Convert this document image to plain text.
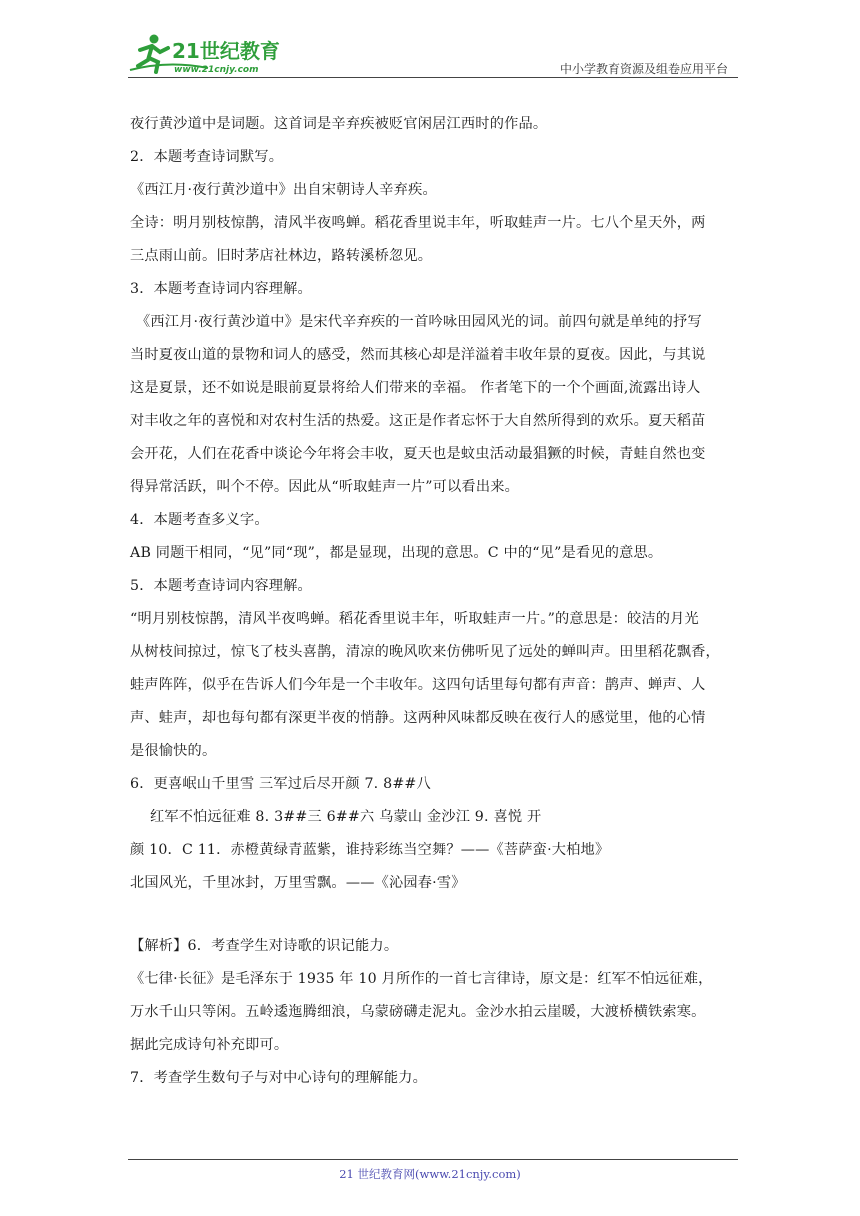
21世纪教育
www.21cnjy.com	中小学教育资源及组卷应用平台
夜行黄沙道中是词题。这首词是辛弃疾被贬官闲居江西时的作品。
2．本题考查诗词默写。
《西江月·夜行黄沙道中》出自宋朝诗人辛弃疾。
全诗：明月别枝惊鹊，清风半夜鸣蝉。稻花香里说丰年，听取蛙声一片。七八个星天外，两
三点雨山前。旧时茅店社林边，路转溪桥忽见。
3．本题考查诗词内容理解。
《西江月·夜行黄沙道中》是宋代辛弃疾的一首吟咏田园风光的词。前四句就是单纯的抒写
当时夏夜山道的景物和词人的感受，然而其核心却是洋溢着丰收年景的夏夜。因此，与其说
这是夏景，还不如说是眼前夏景将给人们带来的幸福。 作者笔下的一个个画面,流露出诗人
对丰收之年的喜悦和对农村生活的热爱。这正是作者忘怀于大自然所得到的欢乐。夏天稻苗
会开花，人们在花香中谈论今年将会丰收，夏天也是蚊虫活动最猖獗的时候，青蛙自然也变
得异常活跃，叫个不停。因此从“听取蛙声一片”可以看出来。
4．本题考查多义字。
AB 同题干相同，“见”同“现”，都是显现，出现的意思。C 中的“见”是看见的意思。
5．本题考查诗词内容理解。
“明月别枝惊鹊，清风半夜鸣蝉。稻花香里说丰年，听取蛙声一片。”的意思是：皎洁的月光
从树枝间掠过，惊飞了枝头喜鹊，清凉的晚风吹来仿佛听见了远处的蝉叫声。田里稻花飘香，
蛙声阵阵，似乎在告诉人们今年是一个丰收年。这四句话里每句都有声音：鹊声、蝉声、人
声、蛙声，却也每句都有深更半夜的悄静。这两种风味都反映在夜行人的感觉里，他的心情
是很愉快的。
6．更喜岷山千里雪 三军过后尽开颜 7. 8##八
红军不怕远征难 8. 3##三 6##六 乌蒙山 金沙江 9. 喜悦 开
颜 10．C 11．赤橙黄绿青蓝紫，谁持彩练当空舞？——《菩萨蛮·大柏地》
北国风光，千里冰封，万里雪飘。——《沁园春·雪》
【解析】6．考查学生对诗歌的识记能力。
《七律·长征》是毛泽东于 1935 年 10 月所作的一首七言律诗，原文是：红军不怕远征难，
万水千山只等闲。五岭逶迤腾细浪，乌蒙磅礴走泥丸。金沙水拍云崖暖，大渡桥横铁索寒。
据此完成诗句补充即可。
7．考查学生数句子与对中心诗句的理解能力。
21 世纪教育网(www.21cnjy.com)
